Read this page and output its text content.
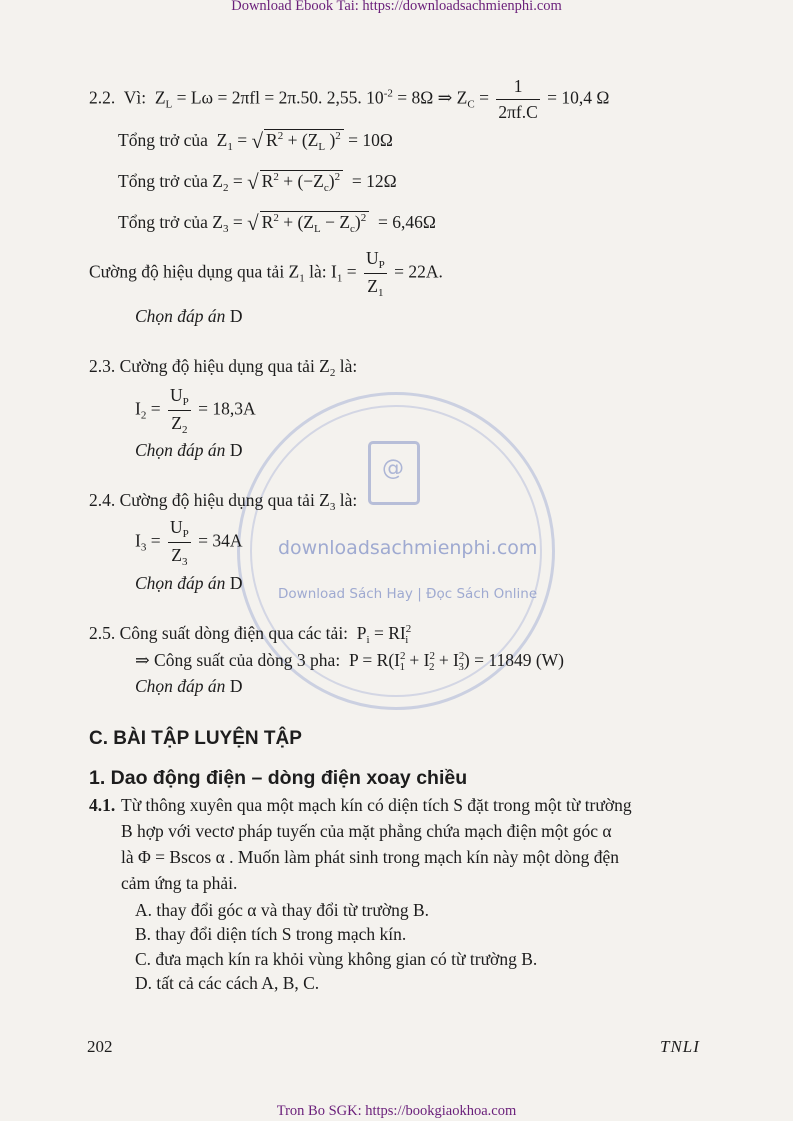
Download Ebook Tai: https://downloadsachmienphi.com
@
downloadsachmienphi.com
Download Sách Hay | Đọc Sách Online
2.2. Vì:  $Z_L = L\omega = 2\pi fl = 2\pi.50$. 2,55. $10^{-2} = 8\Omega$ ⇒ $Z_C = \frac{1}{2\pi f.C} = 10,4$ Ω
Tổng trở của  $Z_1$ = √ $R^2 + (Z_L$ )$^2$ = 10Ω
Tổng trở của $Z_2$ = √ $R^2 + (-Z_c)^2 = 12\Omega$
Tổng trở của $Z_3$ = √ $R^2 + (Z_L - Z_c)^2 = 6,46\Omega$
Cường độ hiệu dụng qua tải $Z_1$ là: $I_1 = \frac{U_P}{Z_1} = 22A$.
Chọn đáp án D
2.3. Cường độ hiệu dụng qua tải $Z_2$ là:
$I_2 = \frac{U_P}{Z_2} = 18,3A$
Chọn đáp án D
2.4. Cường độ hiệu dụng qua tải $Z_3$ là:
$I_3 = \frac{U_P}{Z_3} = 34A$
Chọn đáp án D
2.5. Công suất dòng điện qua các tải:  $P_i = RI^2_i$
⇒ Công suất của dòng 3 pha:  $P = R(I^2_1 + I^2_2 + I^2_3) = 11849$ (W)
Chọn đáp án D
C. BÀI TẬP LUYỆN TẬP
1. Dao động điện – dòng điện xoay chiều
4.1. Từ thông xuyên qua một mạch kín có diện tích S đặt trong một từ trường
B hợp với vectơ pháp tuyến của mặt phẳng chứa mạch điện một góc α
là Φ = Bscos α . Muốn làm phát sinh trong mạch kín này một dòng đện
cảm ứng ta phải.
A. thay đổi góc α và thay đổi từ trường B.
B. thay đổi diện tích S trong mạch kín.
C. đưa mạch kín ra khỏi vùng không gian có từ trường B.
D. tất cả các cách A, B, C.
202	TNLI
Tron Bo SGK: https://bookgiaokhoa.com
